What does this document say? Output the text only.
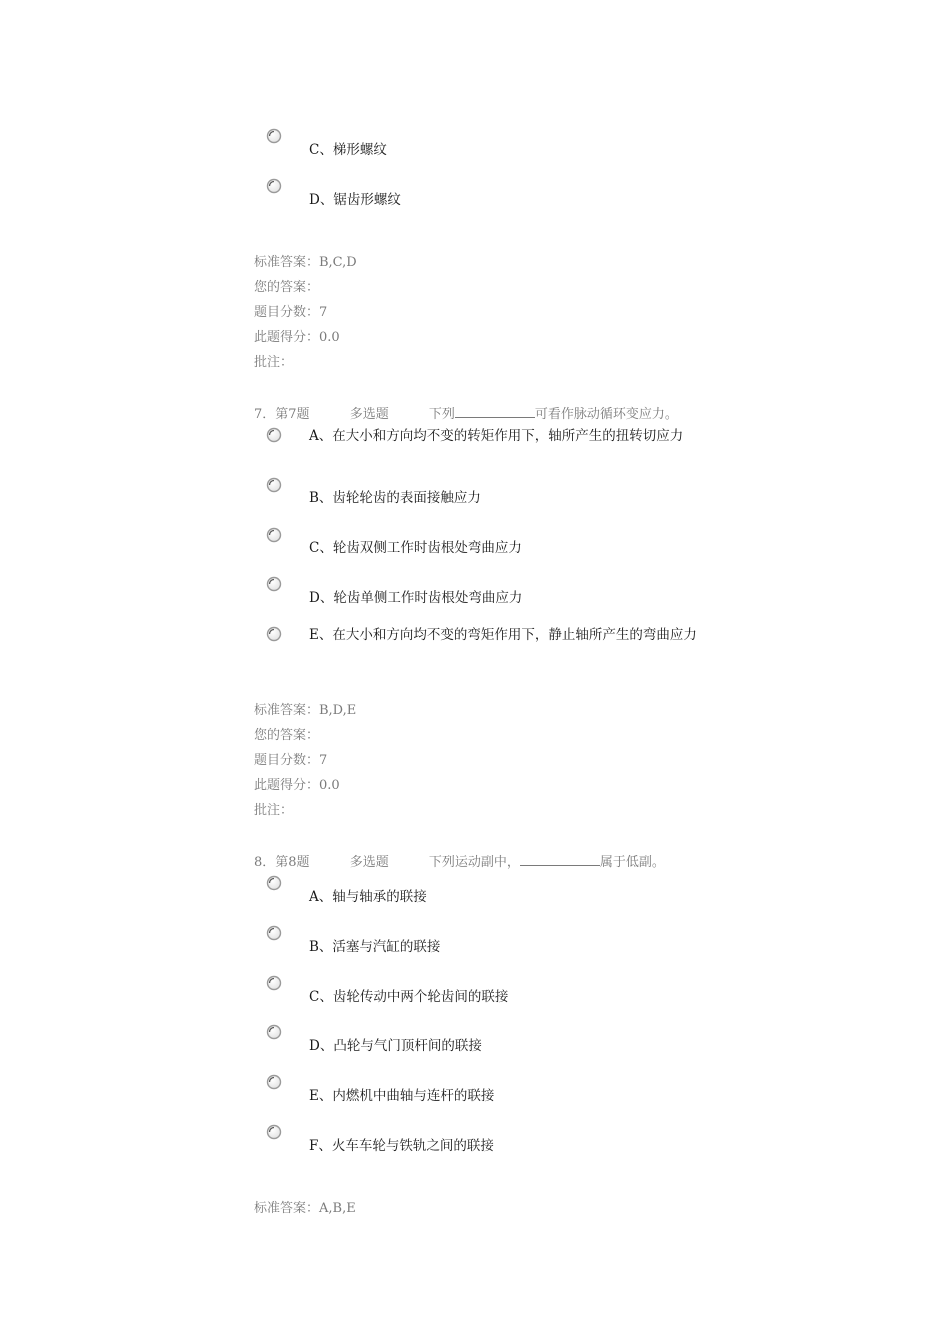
C、梯形螺纹
D、锯齿形螺纹
标准答案：B,C,D
您的答案：
题目分数：7
此题得分：0.0
批注：
7．第7题	多选题	下列	可看作脉动循环变应力。
A、在大小和方向均不变的转矩作用下，轴所产生的扭转切应力
B、齿轮轮齿的表面接触应力
C、轮齿双侧工作时齿根处弯曲应力
D、轮齿单侧工作时齿根处弯曲应力
E、在大小和方向均不变的弯矩作用下，静止轴所产生的弯曲应力
标准答案：B,D,E
您的答案：
题目分数：7
此题得分：0.0
批注：
8．第8题	多选题	下列运动副中，	属于低副。
A、轴与轴承的联接
B、活塞与汽缸的联接
C、齿轮传动中两个轮齿间的联接
D、凸轮与气门顶杆间的联接
E、内燃机中曲轴与连杆的联接
F、火车车轮与铁轨之间的联接
标准答案：A,B,E
